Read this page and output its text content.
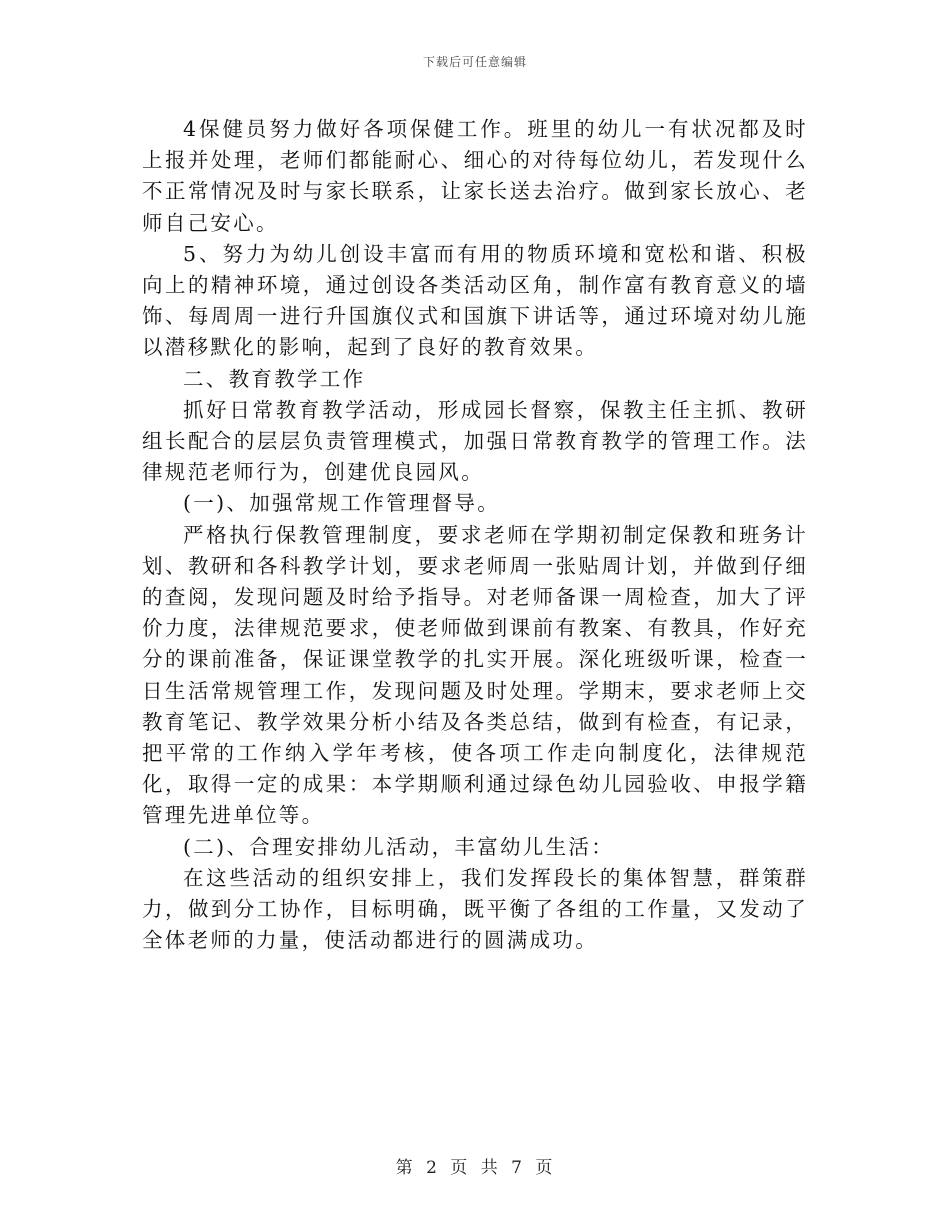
下载后可任意编辑

4保健员努力做好各项保健工作。班里的幼儿一有状况都及时上报并处理，老师们都能耐心、细心的对待每位幼儿，若发现什么不正常情况及时与家长联系，让家长送去治疗。做到家长放心、老师自己安心。

5、努力为幼儿创设丰富而有用的物质环境和宽松和谐、积极向上的精神环境，通过创设各类活动区角，制作富有教育意义的墙饰、每周周一进行升国旗仪式和国旗下讲话等，通过环境对幼儿施以潜移默化的影响，起到了良好的教育效果。

二、教育教学工作

抓好日常教育教学活动，形成园长督察，保教主任主抓、教研组长配合的层层负责管理模式，加强日常教育教学的管理工作。法律规范老师行为，创建优良园风。

(一)、加强常规工作管理督导。

严格执行保教管理制度，要求老师在学期初制定保教和班务计划、教研和各科教学计划，要求老师周一张贴周计划，并做到仔细的查阅，发现问题及时给予指导。对老师备课一周检查，加大了评价力度，法律规范要求，使老师做到课前有教案、有教具，作好充分的课前准备，保证课堂教学的扎实开展。深化班级听课，检查一日生活常规管理工作，发现问题及时处理。学期末，要求老师上交教育笔记、教学效果分析小结及各类总结，做到有检查，有记录，把平常的工作纳入学年考核，使各项工作走向制度化，法律规范化，取得一定的成果：本学期顺利通过绿色幼儿园验收、申报学籍管理先进单位等。

(二)、合理安排幼儿活动，丰富幼儿生活：

在这些活动的组织安排上，我们发挥段长的集体智慧，群策群力，做到分工协作，目标明确，既平衡了各组的工作量，又发动了全体老师的力量，使活动都进行的圆满成功。

第 2 页 共 7 页
